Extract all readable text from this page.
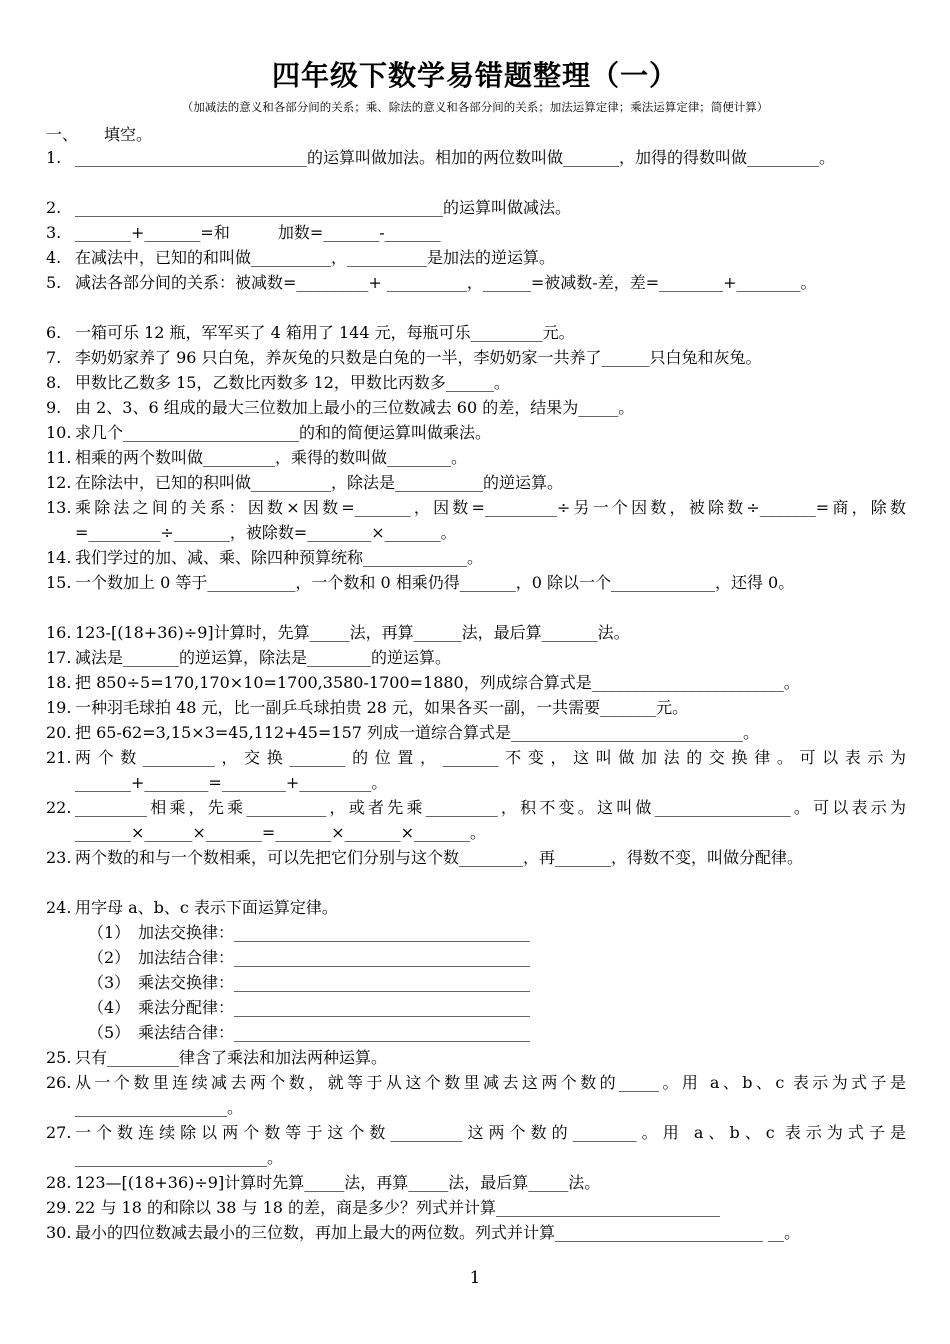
四年级下数学易错题整理（一）
（加减法的意义和各部分间的关系；乘、除法的意义和各部分间的关系；加法运算定律；乘法运算定律；简便计算）
一、 填空。
1. _____________________________的运算叫做加法。相加的两位数叫做_______，加得的得数叫做_________。
2. ______________________________________________的运算叫做减法。
3. _______+_______=和　　　加数=_______-_______
4. 在减法中，已知的和叫做__________，__________是加法的逆运算。
5. 减法各部分间的关系：被减数=_________+ __________，______=被减数-差，差=________+________。
6. 一箱可乐 12 瓶，军军买了 4 箱用了 144 元，每瓶可乐_________元。
7. 李奶奶家养了 96 只白兔，养灰兔的只数是白兔的一半，李奶奶家一共养了______只白兔和灰兔。
8. 甲数比乙数多 15，乙数比丙数多 12，甲数比丙数多______。
9. 由 2、3、6 组成的最大三位数加上最小的三位数减去 60 的差，结果为_____。
10. 求几个______________________的和的简便运算叫做乘法。
11. 相乘的两个数叫做_________，乘得的数叫做________。
12. 在除法中，已知的积叫做__________，除法是___________的逆运算。
13. 乘除法之间的关系：因数×因数=_______，因数=_________÷另一个因数，被除数÷_______=商，除数=_________÷_______，被除数=________×_______。
14. 我们学过的加、减、乘、除四种预算统称_____________。
15. 一个数加上 0 等于___________，一个数和 0 相乘仍得_______，0 除以一个_____________，还得 0。
16. 123-[(18+36)÷9]计算时，先算_____法，再算______法，最后算_______法。
17. 减法是_______的逆运算，除法是________的逆运算。
18. 把 850÷5=170,170×10=1700,3580-1700=1880，列成综合算式是________________________。
19. 一种羽毛球拍 48 元，比一副乒乓球拍贵 28 元，如果各买一副，一共需要_______元。
20. 把 65-62=3,15×3=45,112+45=157 列成一道综合算式是_____________________________。
21. 两个数_________，交换_______的位置，_______不变，这叫做加法的交换律。可以表示为_______+________=________+_________。
22. _________相乘，先乘__________，或者先乘_________，积不变。这叫做_________________。可以表示为_______×______×_______=_______×_______×_______。
23. 两个数的和与一个数相乘，可以先把它们分别与这个数________，再_______，得数不变，叫做分配律。
24. 用字母 a、b、c 表示下面运算定律。
（1） 加法交换律：_____________________________________
（2） 加法结合律：_____________________________________
（3） 乘法交换律：_____________________________________
（4） 乘法分配律：_____________________________________
（5） 乘法结合律：_____________________________________
25. 只有_________律含了乘法和加法两种运算。
26. 从一个数里连续减去两个数，就等于从这个数里减去这两个数的_____。用 a、b、c 表示为式子是___________________。
27. 一个数连续除以两个数等于这个数_________这两个数的________。用 a、b、c 表示为式子是________________________。
28. 123—[(18+36)÷9]计算时先算_____法，再算_____法，最后算_____法。
29. 22 与 18 的和除以 38 与 18 的差，商是多少？列式并计算____________________________
30. 最小的四位数减去最小的三位数，再加上最大的两位数。列式并计算__________________________ __。
1
